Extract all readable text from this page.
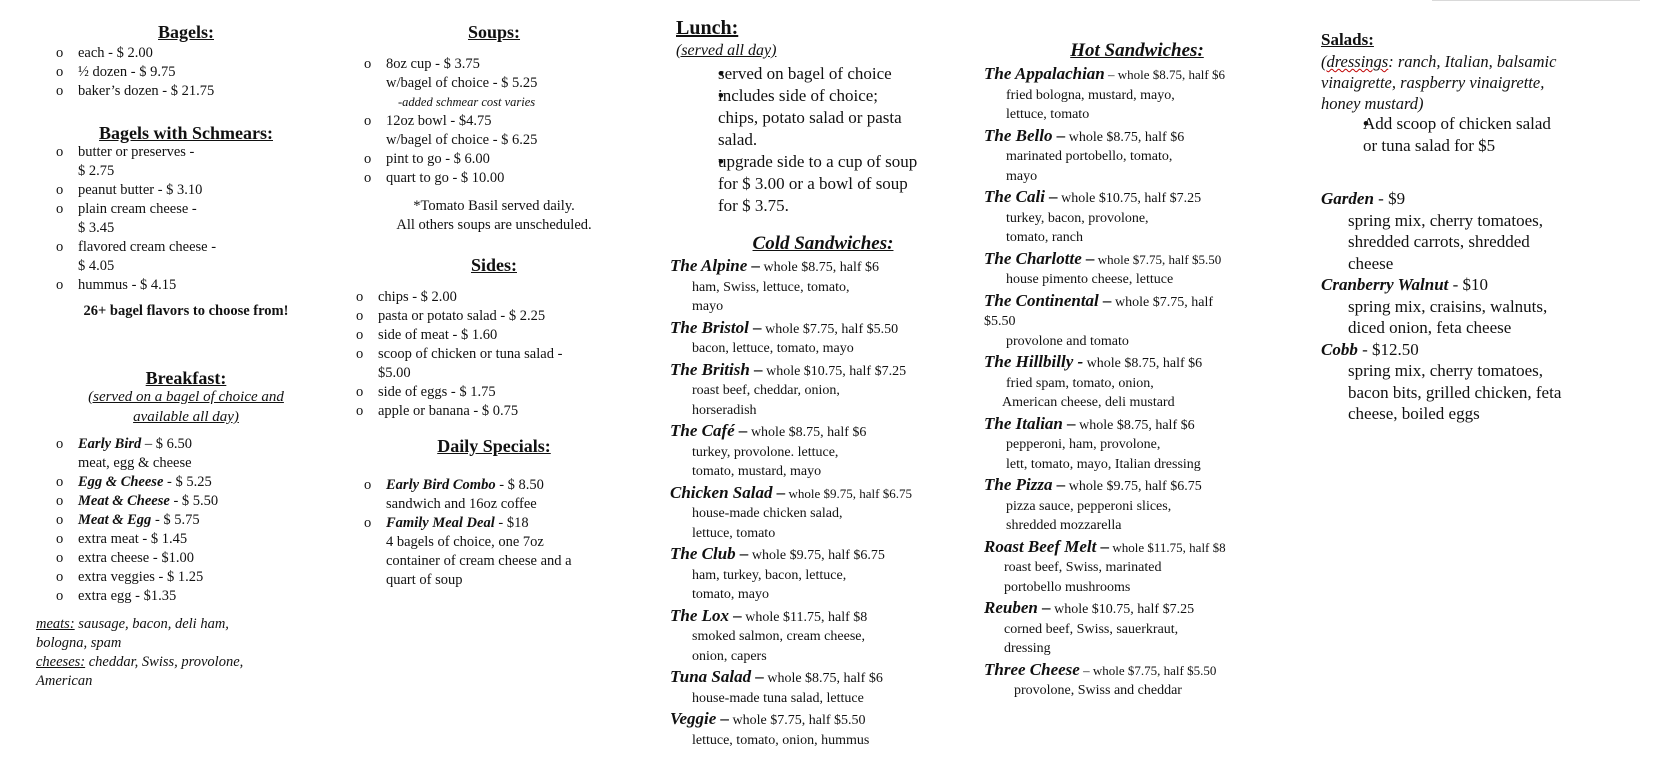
Bagels:
o each - $ 2.00
o ½ dozen - $ 9.75
o baker’s dozen - $ 21.75
Bagels with Schmears:
o butter or preserves -
$ 2.75
o peanut butter - $ 3.10
o plain cream cheese -
$ 3.45
o flavored cream cheese -
$ 4.05
o hummus - $ 4.15
26+ bagel flavors to choose from!
Breakfast:
(served on a bagel of choice and
available all day)
o Early Bird – $ 6.50
meat, egg & cheese
o Egg & Cheese - $ 5.25
o Meat & Cheese - $ 5.50
o Meat & Egg - $ 5.75
o extra meat - $ 1.45
o extra cheese - $1.00
o extra veggies - $ 1.25
o extra egg - $1.35
meats: sausage, bacon, deli ham,
bologna, spam
cheeses: cheddar, Swiss, provolone,
American
Soups:
o 8oz cup - $ 3.75
w/bagel of choice - $ 5.25
-added schmear cost varies
o 12oz bowl - $4.75
w/bagel of choice - $ 6.25
o pint to go - $ 6.00
o quart to go - $ 10.00
*Tomato Basil served daily.
All others soups are unscheduled.
Sides:
o chips - $ 2.00
o pasta or potato salad - $ 2.25
o side of meat - $ 1.60
o scoop of chicken or tuna salad -
$5.00
o side of eggs - $ 1.75
o apple or banana - $ 0.75
Daily Specials:
o Early Bird Combo - $ 8.50
sandwich and 16oz coffee
o Family Meal Deal - $18
4 bagels of choice, one 7oz
container of cream cheese and a
quart of soup
Lunch:
(served all day)
• served on bagel of choice
• includes side of choice;
chips, potato salad or pasta
salad.
• upgrade side to a cup of soup
for $ 3.00 or a bowl of soup
for $ 3.75.
Cold Sandwiches:
The Alpine – whole $8.75, half $6
ham, Swiss, lettuce, tomato,
mayo
The Bristol – whole $7.75, half $5.50
bacon, lettuce, tomato, mayo
The British – whole $10.75, half $7.25
roast beef, cheddar, onion,
horseradish
The Café – whole $8.75, half $6
turkey, provolone. lettuce,
tomato, mustard, mayo
Chicken Salad – whole $9.75, half $6.75
house-made chicken salad,
lettuce, tomato
The Club – whole $9.75, half $6.75
ham, turkey, bacon, lettuce,
tomato, mayo
The Lox – whole $11.75, half $8
smoked salmon, cream cheese,
onion, capers
Tuna Salad – whole $8.75, half $6
house-made tuna salad, lettuce
Veggie – whole $7.75, half $5.50
lettuce, tomato, onion, hummus
Hot Sandwiches:
The Appalachian – whole $8.75, half $6
fried bologna, mustard, mayo,
lettuce, tomato
The Bello – whole $8.75, half $6
marinated portobello, tomato,
mayo
The Cali – whole $10.75, half $7.25
turkey, bacon, provolone,
tomato, ranch
The Charlotte – whole $7.75, half $5.50
house pimento cheese, lettuce
The Continental – whole $7.75, half
$5.50
provolone and tomato
The Hillbilly - whole $8.75, half $6
fried spam, tomato, onion,
American cheese, deli mustard
The Italian – whole $8.75, half $6
pepperoni, ham, provolone,
lett, tomato, mayo, Italian dressing
The Pizza – whole $9.75, half $6.75
pizza sauce, pepperoni slices,
shredded mozzarella
Roast Beef Melt – whole $11.75, half $8
roast beef, Swiss, marinated
portobello mushrooms
Reuben – whole $10.75, half $7.25
corned beef, Swiss, sauerkraut,
dressing
Three Cheese – whole $7.75, half $5.50
provolone, Swiss and cheddar
Salads:
(dressings: ranch, Italian, balsamic
vinaigrette, raspberry vinaigrette,
honey mustard)
• Add scoop of chicken salad
or tuna salad for $5
Garden - $9
spring mix, cherry tomatoes,
shredded carrots, shredded
cheese
Cranberry Walnut - $10
spring mix, craisins, walnuts,
diced onion, feta cheese
Cobb - $12.50
spring mix, cherry tomatoes,
bacon bits, grilled chicken, feta
cheese, boiled eggs
